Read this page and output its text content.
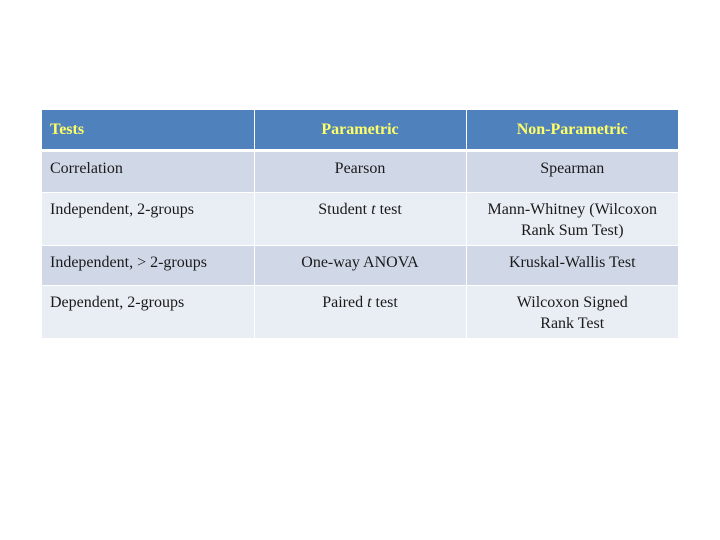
Tests	Parametric	Non-Parametric
Correlation	Pearson	Spearman

Independent, 2-groups	Student t test	Mann-Whitney (Wilcoxon
Rank Sum Test)

Independent, > 2-groups	One-way ANOVA	Kruskal-Wallis Test

Dependent, 2-groups	Paired t test	Wilcoxon Signed
Rank Test
